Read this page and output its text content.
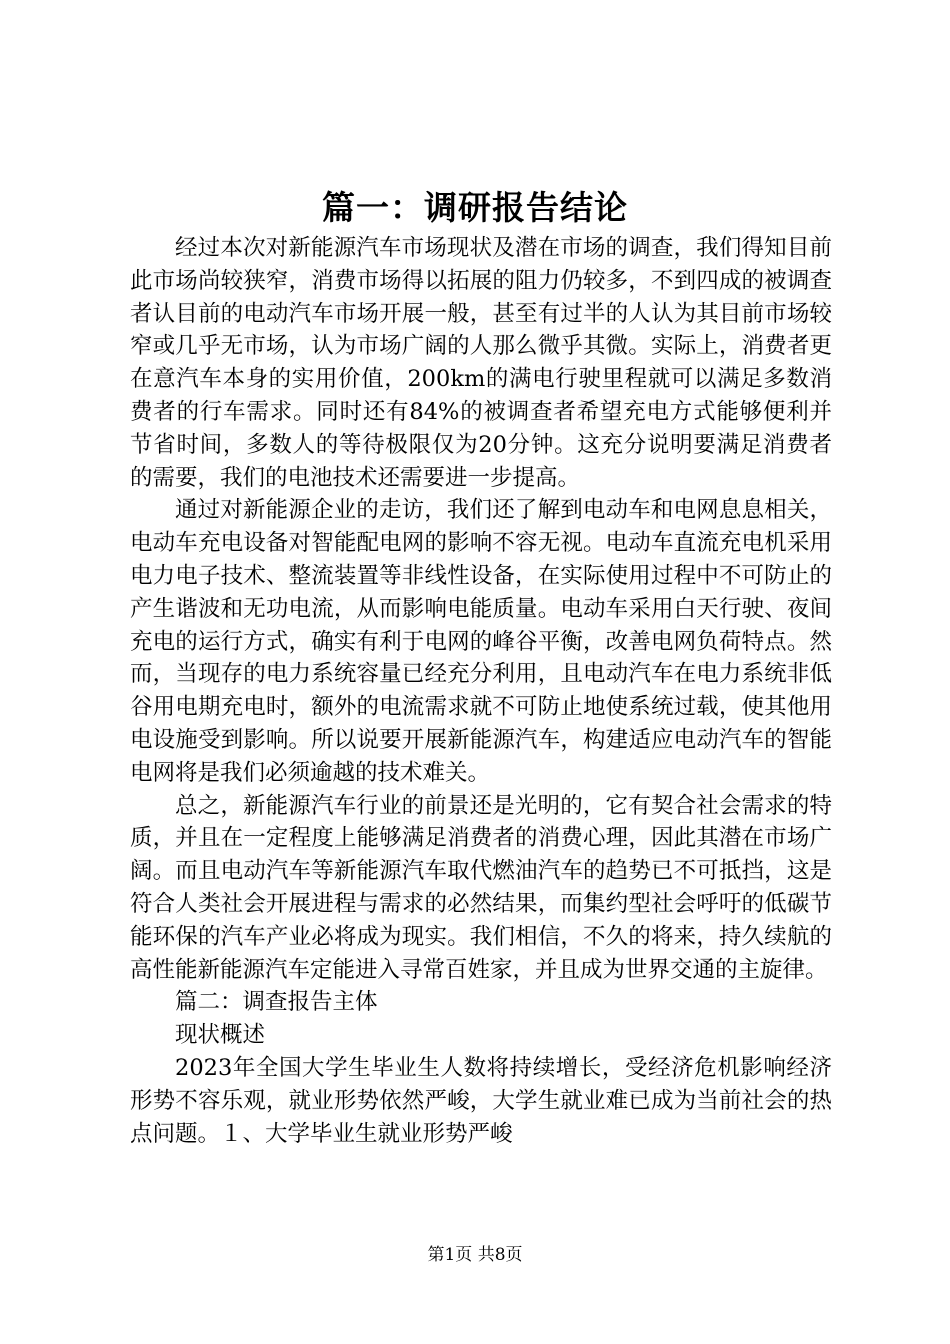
篇一：调研报告结论

经过本次对新能源汽车市场现状及潜在市场的调查，我们得知目前此市场尚较狭窄，消费市场得以拓展的阻力仍较多，不到四成的被调查者认目前的电动汽车市场开展一般，甚至有过半的人认为其目前市场较窄或几乎无市场，认为市场广阔的人那么微乎其微。实际上，消费者更在意汽车本身的实用价值，200km的满电行驶里程就可以满足多数消费者的行车需求。同时还有84%的被调查者希望充电方式能够便利并节省时间，多数人的等待极限仅为20分钟。这充分说明要满足消费者的需要，我们的电池技术还需要进一步提高。

通过对新能源企业的走访，我们还了解到电动车和电网息息相关，电动车充电设备对智能配电网的影响不容无视。电动车直流充电机采用电力电子技术、整流装置等非线性设备，在实际使用过程中不可防止的产生谐波和无功电流，从而影响电能质量。电动车采用白天行驶、夜间充电的运行方式，确实有利于电网的峰谷平衡，改善电网负荷特点。然而，当现存的电力系统容量已经充分利用，且电动汽车在电力系统非低谷用电期充电时，额外的电流需求就不可防止地使系统过载，使其他用电设施受到影响。所以说要开展新能源汽车，构建适应电动汽车的智能电网将是我们必须逾越的技术难关。

总之，新能源汽车行业的前景还是光明的，它有契合社会需求的特质，并且在一定程度上能够满足消费者的消费心理，因此其潜在市场广阔。而且电动汽车等新能源汽车取代燃油汽车的趋势已不可抵挡，这是符合人类社会开展进程与需求的必然结果，而集约型社会呼吁的低碳节能环保的汽车产业必将成为现实。我们相信，不久的将来，持久续航的高性能新能源汽车定能进入寻常百姓家，并且成为世界交通的主旋律。

篇二：调查报告主体

现状概述

2023年全国大学生毕业生人数将持续增长，受经济危机影响经济形势不容乐观，就业形势依然严峻，大学生就业难已成为当前社会的热点问题。１、大学毕业生就业形势严峻

第1页 共8页
